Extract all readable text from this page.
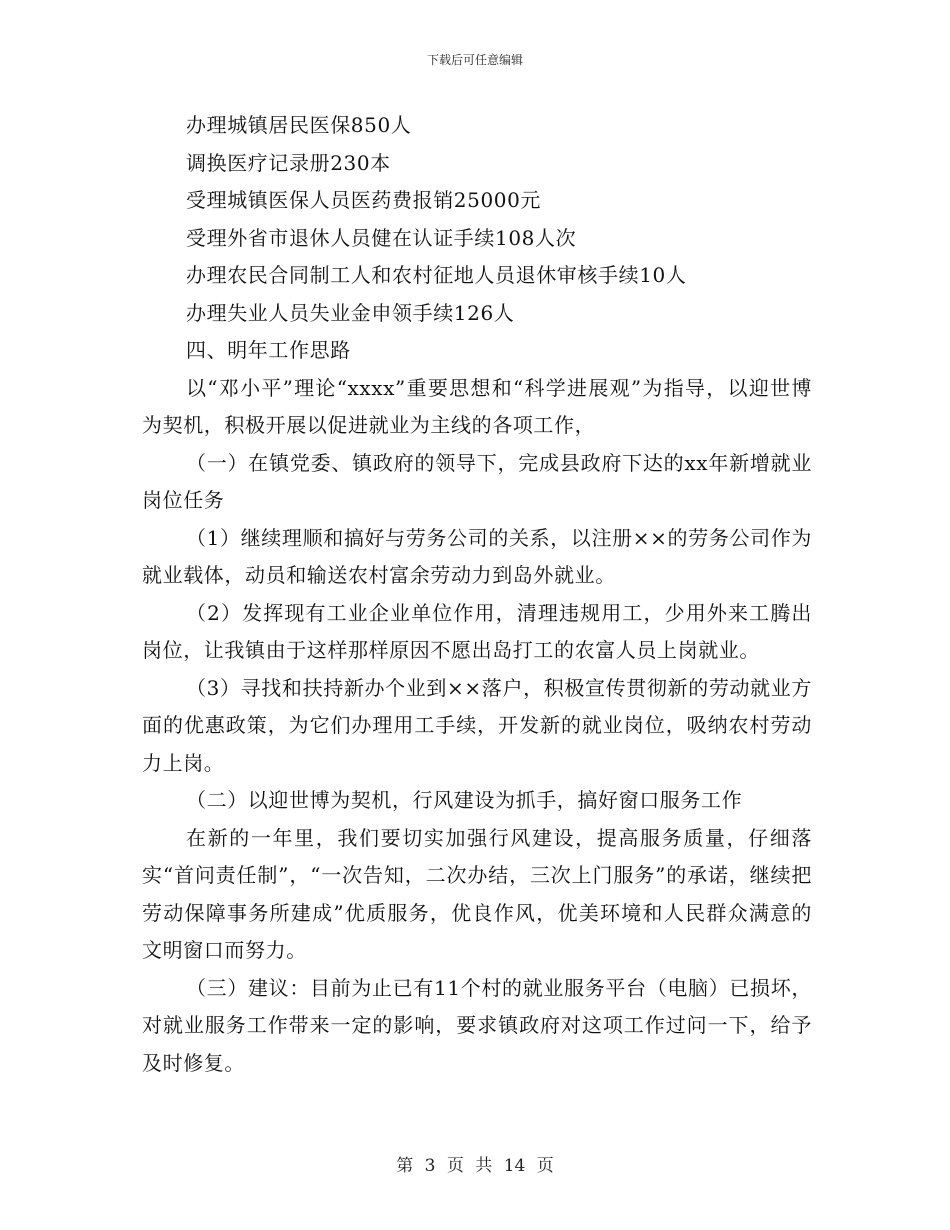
下载后可任意编辑

办理城镇居民医保850人

调换医疗记录册230本

受理城镇医保人员医药费报销25000元

受理外省市退休人员健在认证手续108人次

办理农民合同制工人和农村征地人员退休审核手续10人

办理失业人员失业金申领手续126人

四、明年工作思路

以“邓小平”理论“xxxx”重要思想和“科学进展观”为指导，以迎世博为契机，积极开展以促进就业为主线的各项工作，

（一）在镇党委、镇政府的领导下，完成县政府下达的xx年新增就业岗位任务

（1）继续理顺和搞好与劳务公司的关系，以注册××的劳务公司作为就业载体，动员和输送农村富余劳动力到岛外就业。

（2）发挥现有工业企业单位作用，清理违规用工，少用外来工腾出岗位，让我镇由于这样那样原因不愿出岛打工的农富人员上岗就业。

（3）寻找和扶持新办个业到××落户，积极宣传贯彻新的劳动就业方面的优惠政策，为它们办理用工手续，开发新的就业岗位，吸纳农村劳动力上岗。

（二）以迎世博为契机，行风建设为抓手，搞好窗口服务工作

在新的一年里，我们要切实加强行风建设，提高服务质量，仔细落实“首问责任制”，“一次告知，二次办结，三次上门服务”的承诺，继续把劳动保障事务所建成”优质服务，优良作风，优美环境和人民群众满意的文明窗口而努力。

（三）建议：目前为止已有11个村的就业服务平台（电脑）已损坏，对就业服务工作带来一定的影响，要求镇政府对这项工作过问一下，给予及时修复。

第 3 页 共 14 页
